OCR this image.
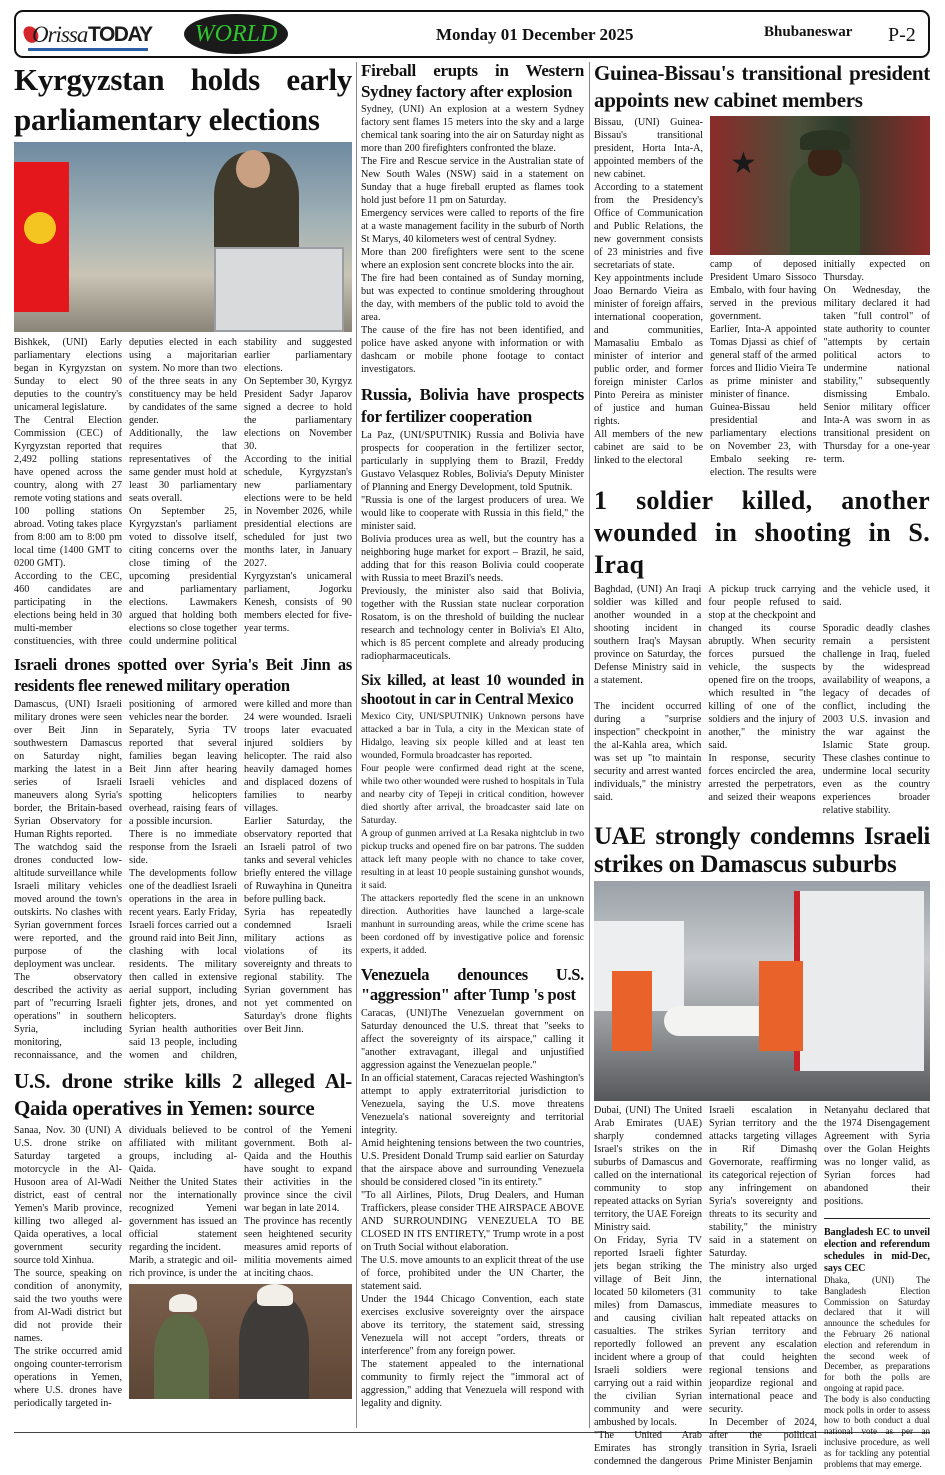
Orissa TODAY	WORLD	Monday 01 December 2025	Bhubaneswar P-2
Kyrgyzstan holds early parliamentary elections

Bishkek, (UNI) Early parliamentary elections began in Kyrgyzstan on Sunday to elect 90 deputies to the country's unicameral legislature.

The Central Election Commission (CEC) of Kyrgyzstan reported that 2,492 polling stations have opened across the country, along with 27 remote voting stations and 100 polling stations abroad. Voting takes place from 8:00 am to 8:00 pm local time (1400 GMT to 0200 GMT).

According to the CEC, 460 candidates are participating in the elections being held in 30 multi-member constituencies, with three deputies elected in each using a majoritarian system. No more than two of the three seats in any constituency may be held by candidates of the same gender.

Additionally, the law requires that representatives of the same gender must hold at least 30 parliamentary seats overall.

On September 25, Kyrgyzstan's parliament voted to dissolve itself, citing concerns over the close timing of the upcoming presidential and parliamentary elections. Lawmakers argued that holding both elections so close together could undermine political stability and suggested earlier parliamentary elections.

On September 30, Kyrgyz President Sadyr Japarov signed a decree to hold the parliamentary elections on November 30.

According to the initial schedule, Kyrgyzstan's new parliamentary elections were to be held in November 2026, while presidential elections are scheduled for just two months later, in January 2027.

Kyrgyzstan's unicameral parliament, Jogorku Kenesh, consists of 90 members elected for five-year terms.

Israeli drones spotted over Syria's Beit Jinn as residents flee renewed military operation

Damascus, (UNI) Israeli military drones were seen over Beit Jinn in southwestern Damascus on Saturday night, marking the latest in a series of Israeli maneuvers along Syria's border, the Britain-based Syrian Observatory for Human Rights reported.

The watchdog said the drones conducted low-altitude surveillance while Israeli military vehicles moved around the town's outskirts. No clashes with Syrian government forces were reported, and the purpose of the deployment was unclear.

The observatory described the activity as part of "recurring Israeli operations" in southern Syria, including monitoring, reconnaissance, and the positioning of armored vehicles near the border.

Separately, Syria TV reported that several families began leaving Beit Jinn after hearing Israeli vehicles and spotting helicopters overhead, raising fears of a possible incursion.

There is no immediate response from the Israeli side.

The developments follow one of the deadliest Israeli operations in the area in recent years. Early Friday, Israeli forces carried out a ground raid into Beit Jinn, clashing with local residents. The military then called in extensive aerial support, including fighter jets, drones, and helicopters.

Syrian health authorities said 13 people, including women and children, were killed and more than 24 were wounded. Israeli troops later evacuated injured soldiers by helicopter. The raid also heavily damaged homes and displaced dozens of families to nearby villages.

Earlier Saturday, the observatory reported that an Israeli patrol of two tanks and several vehicles briefly entered the village of Ruwayhina in Quneitra before pulling back.

Syria has repeatedly condemned Israeli military actions as violations of its sovereignty and threats to regional stability. The Syrian government has not yet commented on Saturday's drone flights over Beit Jinn.

U.S. drone strike kills 2 alleged Al-Qaida operatives in Yemen: source

Sanaa, Nov. 30 (UNI) A U.S. drone strike on Saturday targeted a motorcycle in the Al-Husoon area of Al-Wadi district, east of central Yemen's Marib province, killing two alleged al-Qaida operatives, a local government security source told Xinhua.

The source, speaking on condition of anonymity, said the two youths were from Al-Wadi district but did not provide their names.

The strike occurred amid ongoing counter-terrorism operations in Yemen, where U.S. drones have periodically targeted in-

dividuals believed to be affiliated with militant groups, including al-Qaida.

Neither the United States nor the internationally recognized Yemeni government has issued an official statement regarding the incident.

Marib, a strategic and oil-rich province, is under the control of the Yemeni government. Both al-Qaida and the Houthis have sought to expand their activities in the province since the civil war began in late 2014.

The province has recently seen heightened security measures amid reports of militia movements aimed at inciting chaos.

Fireball erupts in Western Sydney factory after explosion

Sydney, (UNI) An explosion at a western Sydney factory sent flames 15 meters into the sky and a large chemical tank soaring into the air on Saturday night as more than 200 firefighters confronted the blaze.

The Fire and Rescue service in the Australian state of New South Wales (NSW) said in a statement on Sunday that a huge fireball erupted as flames took hold just before 11 pm on Saturday.

Emergency services were called to reports of the fire at a waste management facility in the suburb of North St Marys, 40 kilometers west of central Sydney.

More than 200 firefighters were sent to the scene where an explosion sent concrete blocks into the air.

The fire had been contained as of Sunday morning, but was expected to continue smoldering throughout the day, with members of the public told to avoid the area.

The cause of the fire has not been identified, and police have asked anyone with information or with dashcam or mobile phone footage to contact investigators.

Russia, Bolivia have prospects for fertilizer cooperation

La Paz, (UNI/SPUTNIK) Russia and Bolivia have prospects for cooperation in the fertilizer sector, particularly in supplying them to Brazil, Freddy Gustavo Velasquez Robles, Bolivia's Deputy Minister of Planning and Energy Development, told Sputnik.

"Russia is one of the largest producers of urea. We would like to cooperate with Russia in this field," the minister said.

Bolivia produces urea as well, but the country has a neighboring huge market for export – Brazil, he said, adding that for this reason Bolivia could cooperate with Russia to meet Brazil's needs.

Previously, the minister also said that Bolivia, together with the Russian state nuclear corporation Rosatom, is on the threshold of building the nuclear research and technology center in Bolivia's El Alto, which is 85 percent complete and already producing radiopharmaceuticals.

Six killed, at least 10 wounded in shootout in car in Central Mexico

Mexico City, UNI/SPUTNIK) Unknown persons have attacked a bar in Tula, a city in the Mexican state of Hidalgo, leaving six people killed and at least ten wounded, Formula broadcaster has reported.

Four people were confirmed dead right at the scene, while two other wounded were rushed to hospitals in Tula and nearby city of Tepeji in critical condition, however died shortly after arrival, the broadcaster said late on Saturday.

A group of gunmen arrived at La Resaka nightclub in two pickup trucks and opened fire on bar patrons. The sudden attack left many people with no chance to take cover, resulting in at least 10 people sustaining gunshot wounds, it said.

The attackers reportedly fled the scene in an unknown direction. Authorities have launched a large-scale manhunt in surrounding areas, while the crime scene has been cordoned off by investigative police and forensic experts, it added.

Venezuela denounces U.S. "aggression" after Tump 's post

Caracas, (UNI)The Venezuelan government on Saturday denounced the U.S. threat that "seeks to affect the sovereignty of its airspace," calling it "another extravagant, illegal and unjustified aggression against the Venezuelan people."

In an official statement, Caracas rejected Washington's attempt to apply extraterritorial jurisdiction to Venezuela, saying the U.S. move threatens Venezuela's national sovereignty and territorial integrity.

Amid heightening tensions between the two countries, U.S. President Donald Trump said earlier on Saturday that the airspace above and surrounding Venezuela should be considered closed "in its entirety."

"To all Airlines, Pilots, Drug Dealers, and Human Traffickers, please consider THE AIRSPACE ABOVE AND SURROUNDING VENEZUELA TO BE CLOSED IN ITS ENTIRETY," Trump wrote in a post on Truth Social without elaboration.

The U.S. move amounts to an explicit threat of the use of force, prohibited under the UN Charter, the statement said.

Under the 1944 Chicago Convention, each state exercises exclusive sovereignty over the airspace above its territory, the statement said, stressing Venezuela will not accept "orders, threats or interference" from any foreign power.

The statement appealed to the international community to firmly reject the "immoral act of aggression," adding that Venezuela will respond with legality and dignity.

Guinea-Bissau's transitional president appoints new cabinet members

Bissau, (UNI) Guinea-Bissau's transitional president, Horta Inta-A, appointed members of the new cabinet.

According to a statement from the Presidency's Office of Communication and Public Relations, the new government consists of 23 ministries and five secretariats of state.

Key appointments include Joao Bernardo Vieira as minister of foreign affairs, international cooperation, and communities, Mamasaliu Embalo as minister of interior and public order, and former foreign minister Carlos Pinto Pereira as minister of justice and human rights.

All members of the new cabinet are said to be linked to the electoral

★

camp of deposed President Umaro Sissoco Embalo, with four having served in the previous government.

Earlier, Inta-A appointed Tomas Djassi as chief of general staff of the armed forces and Ilidio Vieira Te as prime minister and minister of finance.

Guinea-Bissau held presidential and parliamentary elections on November 23, with Embalo seeking re-election. The results were initially expected on Thursday.

On Wednesday, the military declared it had taken "full control" of state authority to counter "attempts by certain political actors to undermine national stability," subsequently dismissing Embalo. Senior military officer Inta-A was sworn in as transitional president on Thursday for a one-year term.

1 soldier killed, another wounded in shooting in S. Iraq

Baghdad, (UNI) An Iraqi soldier was killed and another wounded in a shooting incident in southern Iraq's Maysan province on Saturday, the Defense Ministry said in a statement.

The incident occurred during a "surprise inspection" checkpoint in the al-Kahla area, which was set up "to maintain security and arrest wanted individuals," the ministry said.

A pickup truck carrying four people refused to stop at the checkpoint and changed its course abruptly. When security forces pursued the vehicle, the suspects opened fire on the troops, which resulted in "the killing of one of the soldiers and the injury of another," the ministry said.

In response, security forces encircled the area, arrested the perpetrators, and seized their weapons and the vehicle used, it said.

Sporadic deadly clashes remain a persistent challenge in Iraq, fueled by the widespread availability of weapons, a legacy of decades of conflict, including the 2003 U.S. invasion and the war against the Islamic State group. These clashes continue to undermine local security even as the country experiences broader relative stability.

UAE strongly condemns Israeli strikes on Damascus suburbs

Dubai, (UNI) The United Arab Emirates (UAE) sharply condemned Israel's strikes on the suburbs of Damascus and called on the international community to stop repeated attacks on Syrian territory, the UAE Foreign Ministry said.

On Friday, Syria TV reported Israeli fighter jets began striking the village of Beit Jinn, located 50 kilometers (31 miles) from Damascus, and causing civilian casualties. The strikes reportedly followed an incident where a group of Israeli soldiers were carrying out a raid within the civilian Syrian community and were ambushed by locals.

"The United Arab Emirates has strongly condemned the dangerous Israeli escalation in Syrian territory and the attacks targeting villages in Rif Dimashq Governorate, reaffirming its categorical rejection of any infringement on Syria's sovereignty and threats to its security and stability," the ministry said in a statement on Saturday.

The ministry also urged the international community to take immediate measures to halt repeated attacks on Syrian territory and prevent any escalation that could heighten regional tensions and jeopardize regional and international peace and security.

In December of 2024, after the political transition in Syria, Israeli Prime Minister Benjamin

Netanyahu declared that the 1974 Disengagement Agreement with Syria over the Golan Heights was no longer valid, as Syrian forces had abandoned their positions.

Bangladesh EC to unveil election and referendum schedules in mid-Dec, says CEC

Dhaka, (UNI) The Bangladesh Election Commission on Saturday declared that it will announce the schedules for the February 26 national election and referendum in the second week of December, as preparations for both the polls are ongoing at rapid pace.

The body is also conducting mock polls in order to assess how to both conduct a dual national vote as per an inclusive procedure, as well as for tackling any potential problems that may emerge.
